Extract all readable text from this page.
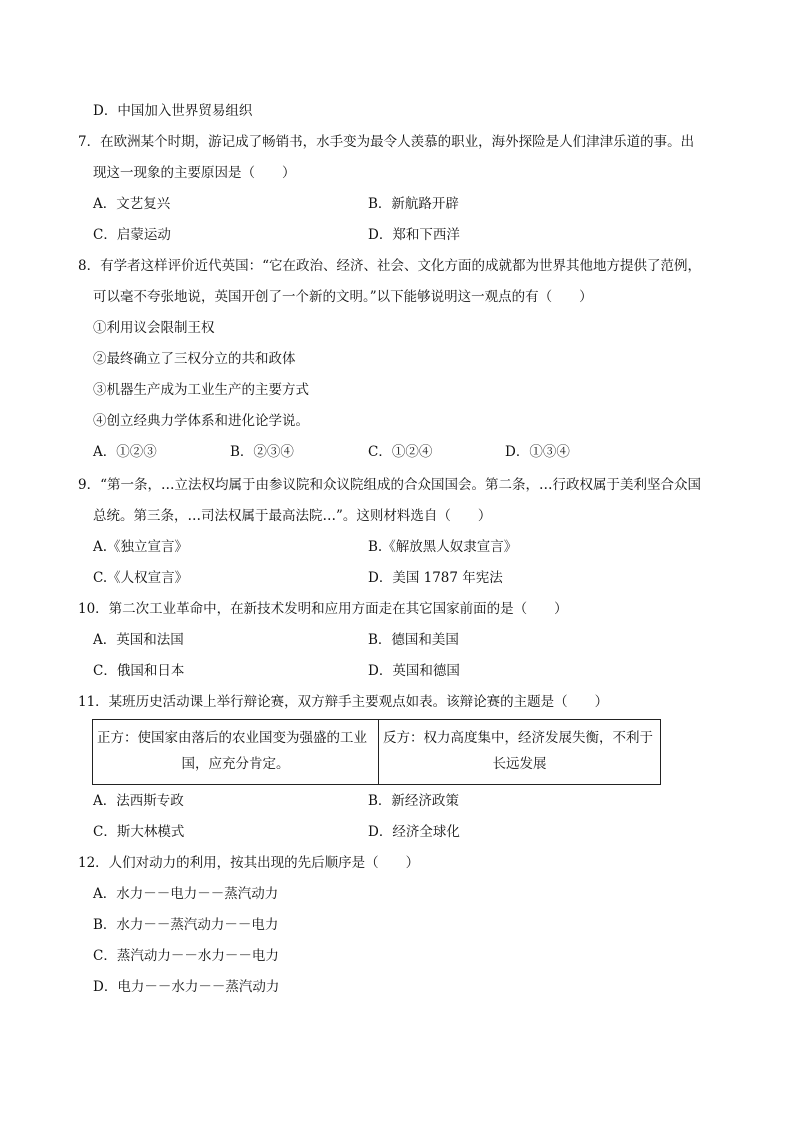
D．中国加入世界贸易组织
7．在欧洲某个时期，游记成了畅销书，水手变为最令人羡慕的职业，海外探险是人们津津乐道的事。出
现这一现象的主要原因是（　　）
A．文艺复兴	B．新航路开辟
C．启蒙运动	D．郑和下西洋
8．有学者这样评价近代英国：“它在政治、经济、社会、文化方面的成就都为世界其他地方提供了范例，
可以毫不夸张地说，英国开创了一个新的文明。”以下能够说明这一观点的有（　　）
①利用议会限制王权
②最终确立了三权分立的共和政体
③机器生产成为工业生产的主要方式
④创立经典力学体系和进化论学说。
A．①②③	B．②③④	C．①②④	D．①③④
9．“第一条，…立法权均属于由参议院和众议院组成的合众国国会。第二条，…行政权属于美利坚合众国
总统。第三条，…司法权属于最高法院…”。这则材料选自（　　）
A.《独立宣言》	B.《解放黑人奴隶宣言》
C.《人权宣言》	D．美国 1787 年宪法
10．第二次工业革命中，在新技术发明和应用方面走在其它国家前面的是（　　）
A．英国和法国	B．德国和美国
C．俄国和日本	D．英国和德国
11．某班历史活动课上举行辩论赛，双方辩手主要观点如表。该辩论赛的主题是（　　）
正方：使国家由落后的农业国变为强盛的工业
国，应充分肯定。
反方：权力高度集中，经济发展失衡，不利于
长远发展
A．法西斯专政	B．新经济政策
C．斯大林模式	D．经济全球化
12．人们对动力的利用，按其出现的先后顺序是（　　）
A．水力－－电力－－蒸汽动力
B．水力－－蒸汽动力－－电力
C．蒸汽动力－－水力－－电力
D．电力－－水力－－蒸汽动力
